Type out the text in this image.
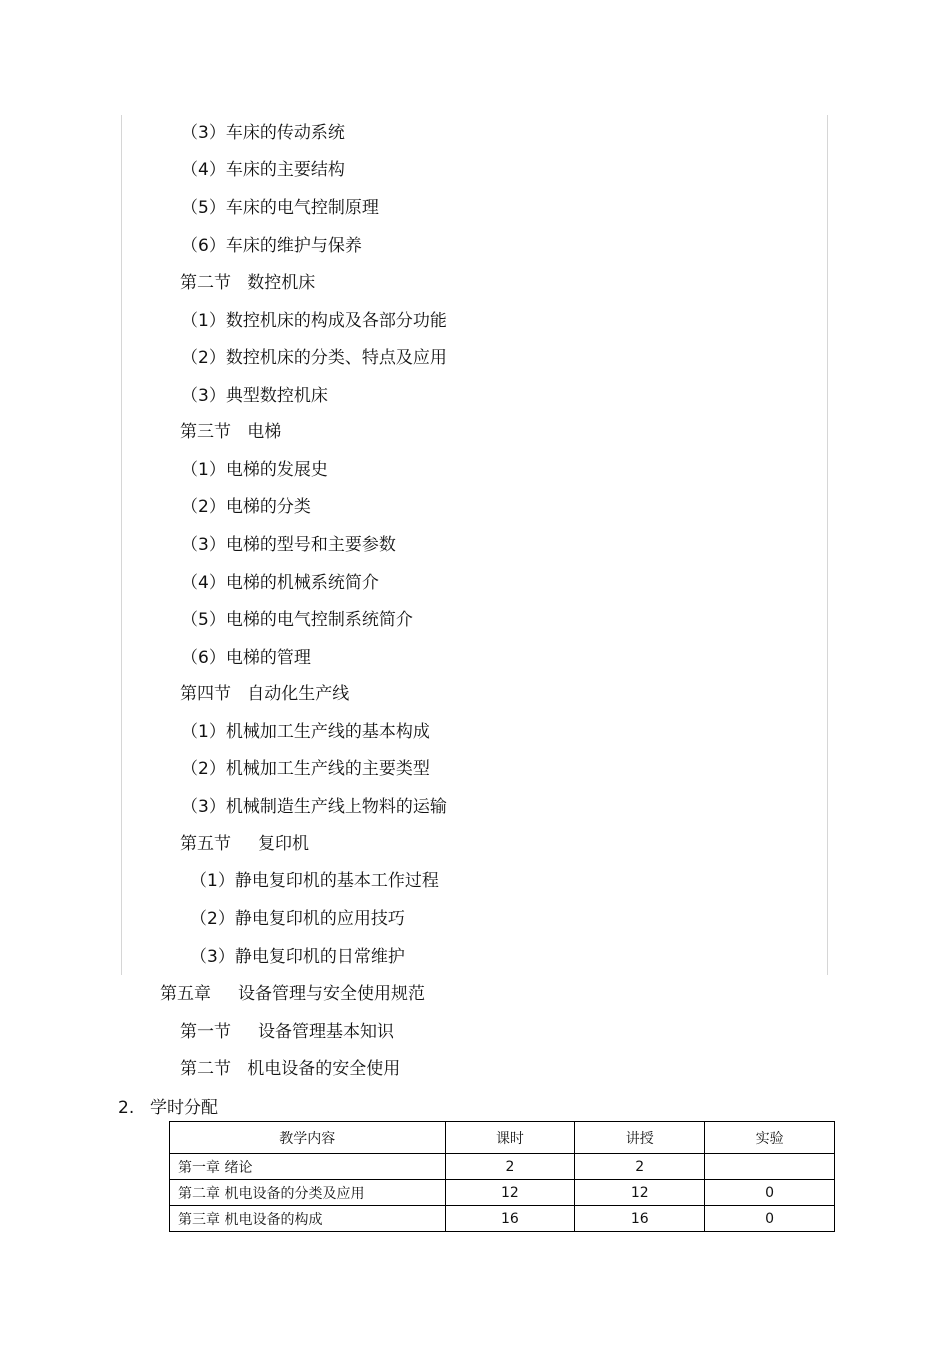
（3）车床的传动系统
（4）车床的主要结构
（5）车床的电气控制原理
（6）车床的维护与保养
第二节   数控机床
（1）数控机床的构成及各部分功能
（2）数控机床的分类、特点及应用
（3）典型数控机床
第三节   电梯
（1）电梯的发展史
（2）电梯的分类
（3）电梯的型号和主要参数
（4）电梯的机械系统简介
（5）电梯的电气控制系统简介
（6）电梯的管理
第四节   自动化生产线
（1）机械加工生产线的基本构成
（2）机械加工生产线的主要类型
（3）机械制造生产线上物料的运输
第五节     复印机
（1）静电复印机的基本工作过程
（2）静电复印机的应用技巧
（3）静电复印机的日常维护
第五章     设备管理与安全使用规范
第一节     设备管理基本知识
第二节   机电设备的安全使用
2. 学时分配
教学内容	课时	讲授	实验
第一章 绪论	2	2	
第二章 机电设备的分类及应用	12	12	0
第三章 机电设备的构成	16	16	0
